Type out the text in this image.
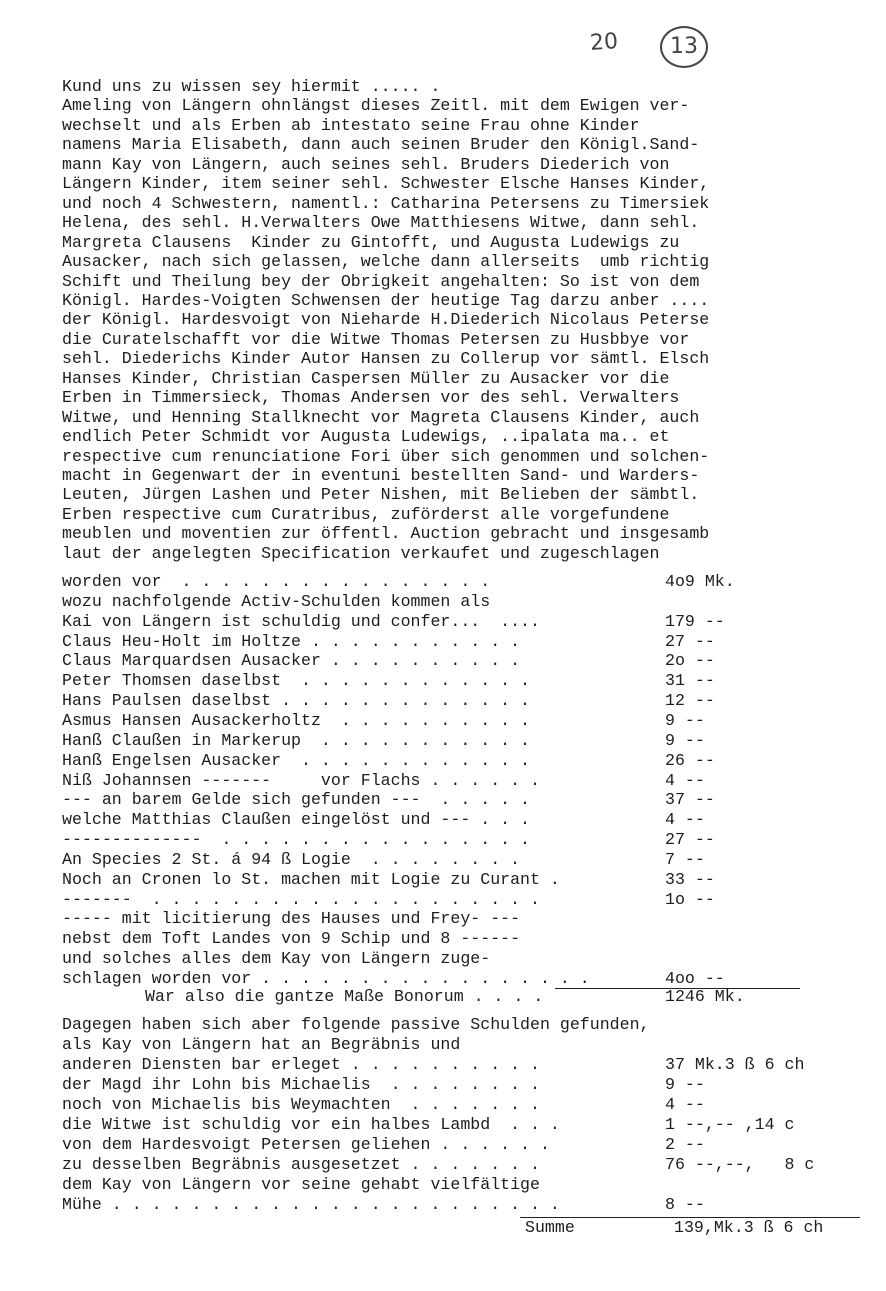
20	13
Kund uns zu wissen sey hiermit ..... .
Ameling von Längern ohnlängst dieses Zeitl. mit dem Ewigen ver-
wechselt und als Erben ab intestato seine Frau ohne Kinder
namens Maria Elisabeth, dann auch seinen Bruder den Königl.Sand-
mann Kay von Längern, auch seines sehl. Bruders Diederich von
Längern Kinder, item seiner sehl. Schwester Elsche Hanses Kinder,
und noch 4 Schwestern, namentl.: Catharina Petersens zu Timersiek
Helena, des sehl. H.Verwalters Owe Matthiesens Witwe, dann sehl.
Margreta Clausens  Kinder zu Gintofft, und Augusta Ludewigs zu
Ausacker, nach sich gelassen, welche dann allerseits  umb richtig
Schift und Theilung bey der Obrigkeit angehalten: So ist von dem
Königl. Hardes-Voigten Schwensen der heutige Tag darzu anber ....
der Königl. Hardesvoigt von Nieharde H.Diederich Nicolaus Peterse
die Curatelschafft vor die Witwe Thomas Petersen zu Husbbye vor
sehl. Diederichs Kinder Autor Hansen zu Collerup vor sämtl. Elsch
Hanses Kinder, Christian Caspersen Müller zu Ausacker vor die
Erben in Timmersieck, Thomas Andersen vor des sehl. Verwalters
Witwe, und Henning Stallknecht vor Magreta Clausens Kinder, auch
endlich Peter Schmidt vor Augusta Ludewigs, ..ipalata ma.. et
respective cum renunciatione Fori über sich genommen und solchen-
macht in Gegenwart der in eventuni bestellten Sand- und Warders-
Leuten, Jürgen Lashen und Peter Nishen, mit Belieben der sämbtl.
Erben respective cum Curatribus, zuförderst alle vorgefundene
meublen und moventien zur öffentl. Auction gebracht und insgesamb
laut der angelegten Specification verkaufet und zugeschlagen
worden vor  . . . . . . . . . . . . . . . .	4o9 Mk.
wozu nachfolgende Activ-Schulden kommen als
Kai von Längern ist schuldig und confer...  ....	179 --
Claus Heu-Holt im Holtze . . . . . . . . . . .	27 --
Claus Marquardsen Ausacker . . . . . . . . . .	2o --
Peter Thomsen daselbst  . . . . . . . . . . . .	31 --
Hans Paulsen daselbst . . . . . . . . . . . . .	12 --
Asmus Hansen Ausackerholtz  . . . . . . . . . .	9 --
Hanß Claußen in Markerup  . . . . . . . . . . .	9 --
Hanß Engelsen Ausacker  . . . . . . . . . . . .	26 --
Niß Johannsen -------     vor Flachs . . . . . .	4 --
--- an barem Gelde sich gefunden ---  . . . . .	37 --
welche Matthias Claußen eingelöst und --- . . .	4 --
--------------  . . . . . . . . . . . . . . . .	27 --
An Species 2 St. á 94 ß Logie  . . . . . . . .	7 --
Noch an Cronen lo St. machen mit Logie zu Curant .	33 --
-------  . . . . . . . . . . . . . . . . . . . .	1o --
----- mit licitierung des Hauses und Frey- ---
nebst dem Toft Landes von 9 Schip und 8 ------
und solches alles dem Kay von Längern zuge-
schlagen worden vor . . . . . . . . . . . . . . . . .	4oo --
War also die gantze Maße Bonorum . . . .	1246 Mk.
Dagegen haben sich aber folgende passive Schulden gefunden,
als Kay von Längern hat an Begräbnis und
anderen Diensten bar erleget . . . . . . . . . .	37 Mk.3 ß 6 ch
der Magd ihr Lohn bis Michaelis  . . . . . . . .	9 --
noch von Michaelis bis Weymachten  . . . . . . .	4 --
die Witwe ist schuldig vor ein halbes Lambd  . . .	1 --,-- ,14 c
von dem Hardesvoigt Petersen geliehen . . . . . .	2 --
zu desselben Begräbnis ausgesetzet . . . . . . .	76 --,--,   8 c
dem Kay von Längern vor seine gehabt vielfältige
Mühe . . . . . . . . . . . . . . . . . . . . . . .	8 --
Summe	139,Mk.3 ß 6 ch
